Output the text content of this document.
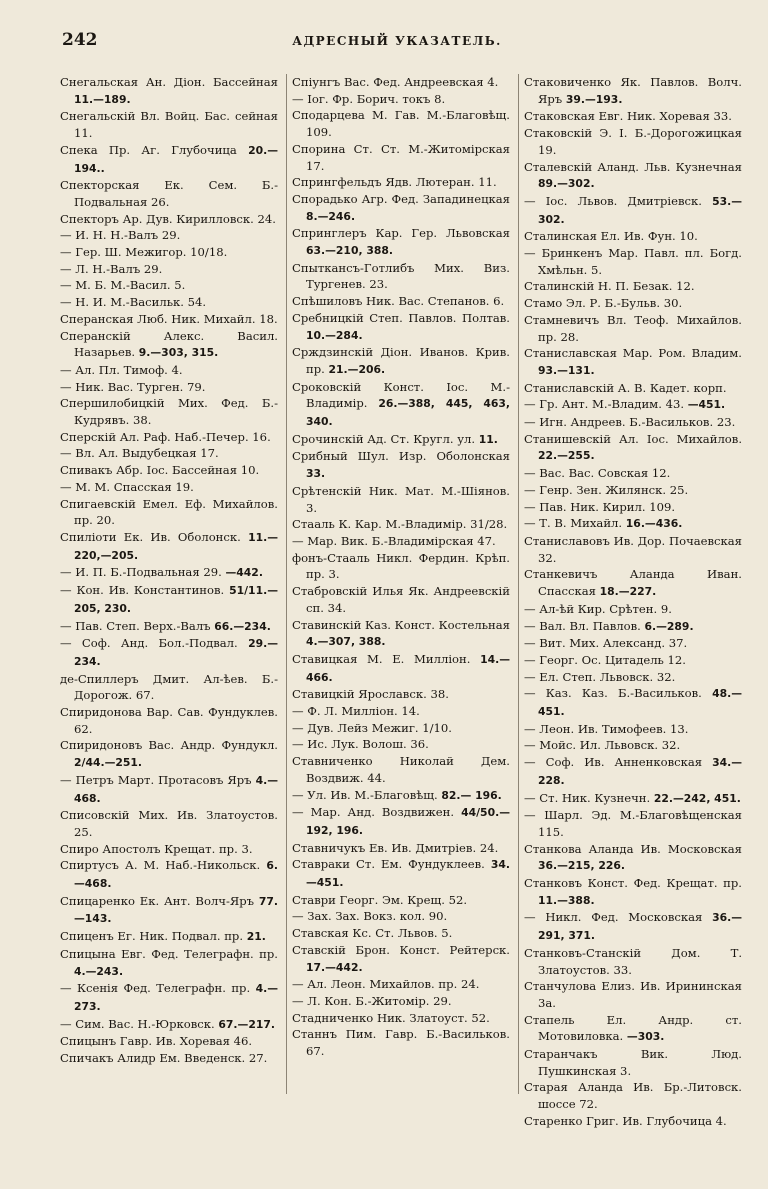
242	АДРЕСНЫЙ УКАЗАТЕЛЬ.
Снегальская Ан. Дiон. Бассейная 11.—189.
Снегальскiй Вл. Войц. Бас. сейная 11.
Спека Пр. Аг. Глубочица 20.—194..
Спекторская Ек. Сем. Б.-Подвальная 26.
Спекторъ Ар. Дув. Кирилловск. 24.
— И. Н. Н.-Валъ 29.
— Гер. Ш. Межигор. 10/18.
— Л. Н.-Валъ 29.
— М. Б. М.-Васил. 5.
— Н. И. М.-Васильк. 54.
Сперанская Люб. Ник. Михайл. 18.
Сперанскiй Алекс. Васил. Назарьев. 9.—303, 315.
— Ал. Пл. Тимоф. 4.
— Ник. Вас. Турген. 79.
Спершилобицкiй Мих. Фед. Б.-Кудрявъ. 38.
Сперскiй Ал. Раф. Наб.-Печер. 16.
— Вл. Ал. Выдубецкая 17.
Спивакъ Абр. Iос. Бассейная 10.
— М. М. Спасская 19.
Спигаевскiй Емел. Еф. Михайлов. пр. 20.
Спилiоти Ек. Ив. Оболонск. 11.—220,—205.
— И. П. Б.-Подвальная 29. —442.
— Кон. Ив. Константинов. 51/11.—205, 230.
— Пав. Степ. Верх.-Валъ 66.—234.
— Соф. Анд. Бол.-Подвал. 29.—234.
де-Спиллеръ Дмит. Ал-ѣев. Б.-Дорогож. 67.
Спиридонова Вар. Сав. Фундуклев. 62.
Спиридоновъ Вас. Андр. Фундукл. 2/44.—251.
— Петръ Март. Протасовъ Яръ 4.—468.
Списовскiй Мих. Ив. Златоустов. 25.
Спиро Апостолъ Крещат. пр. 3.
Спиртусъ А. М. Наб.-Никольск. 6.—468.
Спицаренко Ек. Ант. Волч-Яръ 77.—143.
Спиценъ Ег. Ник. Подвал. пр. 21.
Спицына Евг. Фед. Телеграфн. пр. 4.—243.
— Ксенiя Фед. Телеграфн. пр. 4.—273.
— Сим. Вас. Н.-Юрковск. 67.—217.
Спицынъ Гавр. Ив. Хоревая 46.
Спичакъ Алидр Ем. Введенск. 27.
Спiунгъ Вас. Фед. Андреевская 4.
— Iог. Фр. Борич. токъ 8.
Сподарцева М. Гав. М.-Благовѣщ. 109.
Спорина Ст. Ст. М.-Житомiрская 17.
Спрингфельдъ Ядв. Лютеран. 11.
Спорадько Агр. Фед. Западинецкая 8.—246.
Спринглеръ Кар. Гер. Львовская 63.—210, 388.
Спыткансъ-Готлибъ Мих. Виз. Тургенев. 23.
Спѣшиловъ Ник. Вас. Степанов. 6.
Сребницкiй Степ. Павлов. Полтав. 10.—284.
Срждзинскiй Дiон. Иванов. Крив. пр. 21.—206.
Сроковскiй Конст. Iос. М.-Владимiр. 26.—388, 445, 463, 340.
Срочинскiй Ад. Ст. Кругл. ул. 11.
Срибный Шул. Изр. Оболонская 33.
Срѣтенскiй Ник. Мат. М.-Шiянов. 3.
Стааль К. Кар. М.-Владимiр. 31/28.
— Мар. Вик. Б.-Владимiрская 47.
фонъ-Стааль Никл. Фердин. Крѣп. пр. 3.
Стабровскiй Илья Як. Андреевскiй сп. 34.
Ставинскiй Каз. Конст. Костельная 4.—307, 388.
Ставицкая М. Е. Миллiон. 14.—466.
Ставицкiй Ярославск. 38.
— Ф. Л. Миллiон. 14.
— Дув. Лейз Межиг. 1/10.
— Ис. Лук. Волош. 36.
Ставниченко Николай Дем. Воздвиж. 44.
— Ул. Ив. М.-Благовѣщ. 82.— 196.
— Мар. Анд. Воздвижен. 44/50.—192, 196.
Ставничукъ Ев. Ив. Дмитрiев. 24.
Ставраки Ст. Ем. Фундуклеев. 34.—451.
Ставри Георг. Эм. Крещ. 52.
— Зах. Зах. Вокз. кол. 90.
Ставская Кс. Ст. Львов. 5.
Ставскiй Брон. Конст. Рейтерск. 17.—442.
— Ал. Леон. Михайлов. пр. 24.
— Л. Кон. Б.-Житомiр. 29.
Стадниченко Ник. Златоуст. 52.
Станнъ Пим. Гавр. Б.-Васильков. 67.
Стаковиченко Як. Павлов. Волч. Яръ 39.—193.
Стаковская Евг. Ник. Хоревая 33.
Стаковскiй Э. I. Б.-Дорогожицкая 19.
Сталевскiй Аланд. Льв. Кузнечная 89.—302.
— Iос. Львов. Дмитрiевск. 53.—302.
Сталинская Ел. Ив. Фун. 10.
— Бринкенъ Мар. Павл. пл. Богд. Хмѣльн. 5.
Сталинскiй Н. П. Безак. 12.
Стамо Эл. Р. Б.-Бульв. 30.
Стамневичъ Вл. Теоф. Михайлов. пр. 28.
Станиславская Мар. Ром. Владим. 93.—131.
Станиславскiй А. В. Кадет. корп.
— Гр. Ант. М.-Владим. 43. —451.
— Игн. Андреев. Б.-Васильков. 23.
Станишевскiй Ал. Iос. Михайлов. 22.—255.
— Вас. Вас. Совская 12.
— Генр. Зен. Жилянск. 25.
— Пав. Ник. Кирил. 109.
— Т. В. Михайл. 16.—436.
Станиславовъ Ив. Дор. Почаевская 32.
Станкевичъ Аланда Иван. Спасская 18.—227.
— Ал-ѣй Кир. Срѣтен. 9.
— Вал. Вл. Павлов. 6.—289.
— Вит. Мих. Александ. 37.
— Георг. Ос. Цитадель 12.
— Ел. Степ. Львовск. 32.
— Каз. Каз. Б.-Васильков. 48.—451.
— Леон. Ив. Тимофеев. 13.
— Мойс. Ил. Львовск. 32.
— Соф. Ив. Анненковская 34.—228.
— Ст. Ник. Кузнечн. 22.—242, 451.
— Шарл. Эд. М.-Благовѣщенская 115.
Станкова Аланда Ив. Московская 36.—215, 226.
Станковъ Конст. Фед. Крещат. пр. 11.—388.
— Никл. Фед. Московская 36.—291, 371.
Станковъ-Станскiй Дом. Т. Златоустов. 33.
Станчулова Елиз. Ив. Ирининская 3а.
Стапель Ел. Андр. ст. Мотовиловка. —303.
Старанчакъ Вик. Люд. Пушкинская 3.
Старая Аланда Ив. Бр.-Литовск. шоссе 72.
Старенко Григ. Ив. Глубочица 4.
